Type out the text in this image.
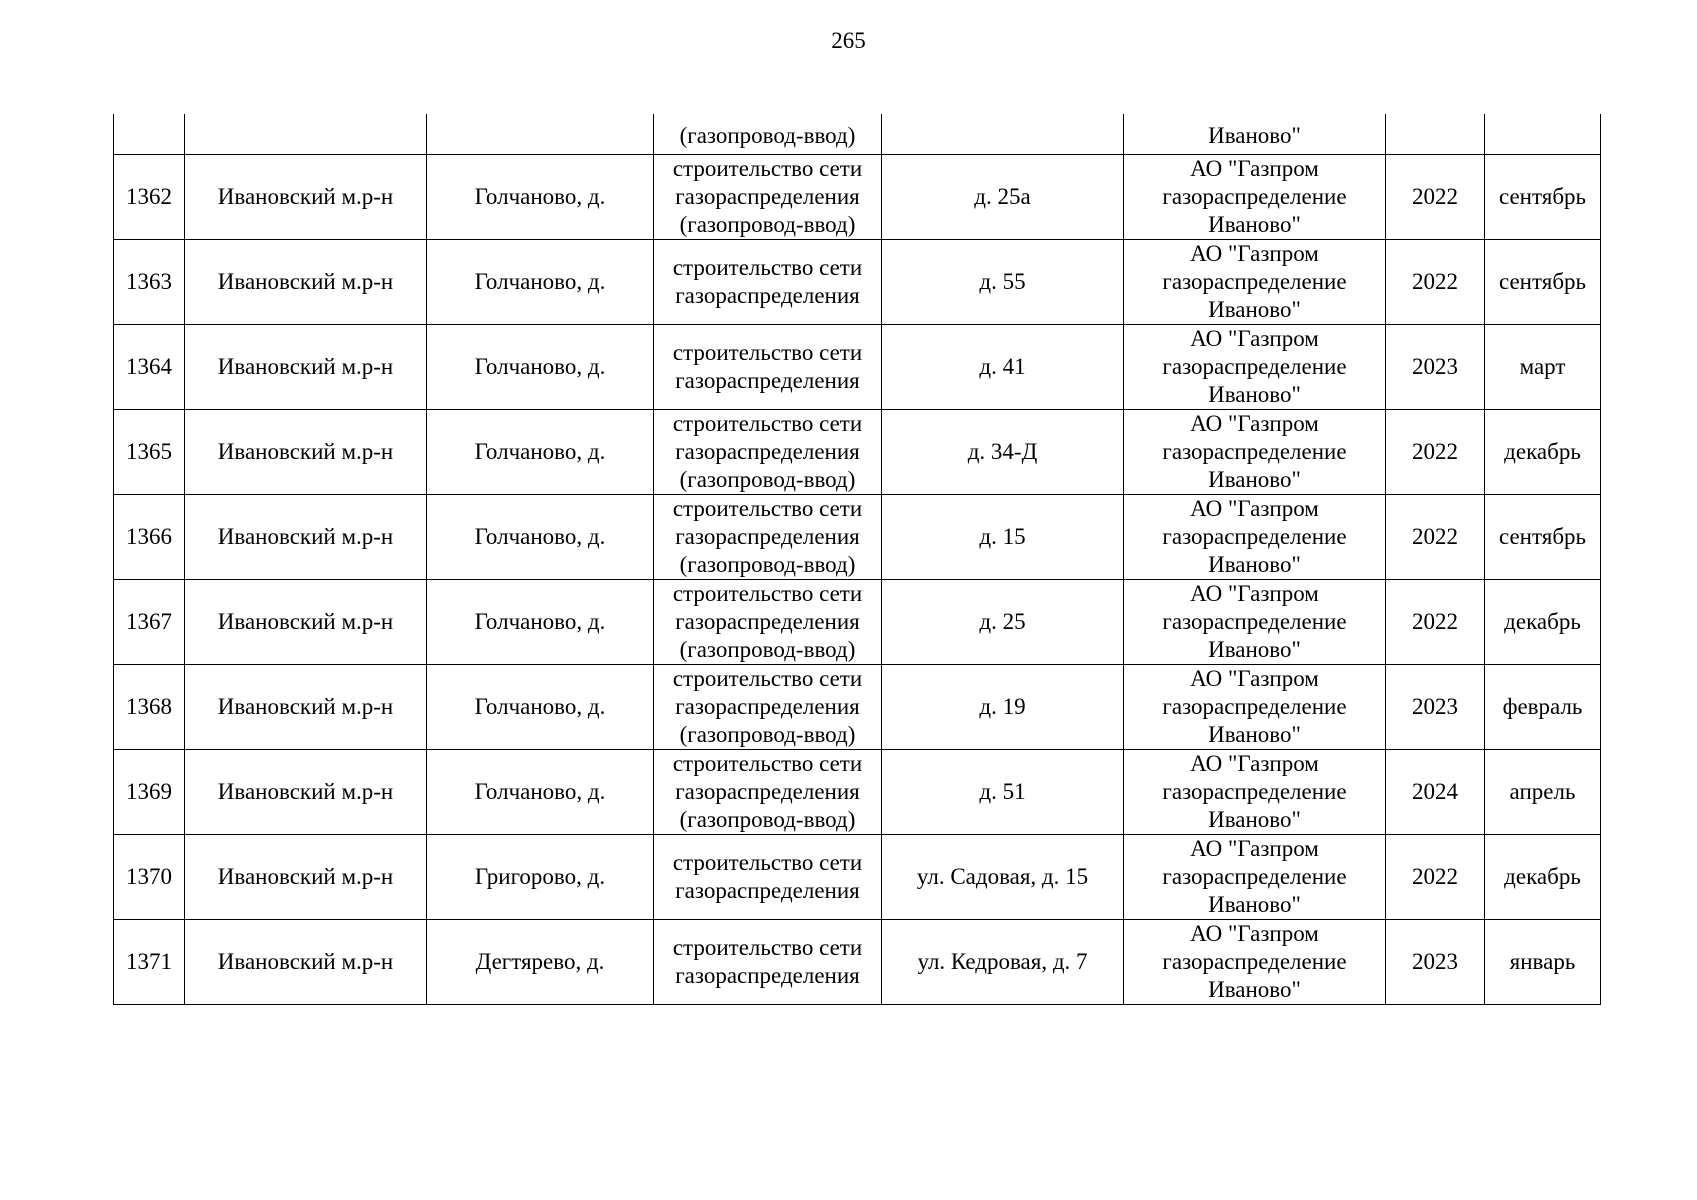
265
			(газопровод-ввод)		Иваново"		
1362	Ивановский м.р-н	Голчаново, д.	строительство сети
газораспределения
(газопровод-ввод)	д. 25а	АО "Газпром
газораспределение
Иваново"	2022	сентябрь
1363	Ивановский м.р-н	Голчаново, д.	строительство сети
газораспределения	д. 55	АО "Газпром
газораспределение
Иваново"	2022	сентябрь
1364	Ивановский м.р-н	Голчаново, д.	строительство сети
газораспределения	д. 41	АО "Газпром
газораспределение
Иваново"	2023	март
1365	Ивановский м.р-н	Голчаново, д.	строительство сети
газораспределения
(газопровод-ввод)	д. 34-Д	АО "Газпром
газораспределение
Иваново"	2022	декабрь
1366	Ивановский м.р-н	Голчаново, д.	строительство сети
газораспределения
(газопровод-ввод)	д. 15	АО "Газпром
газораспределение
Иваново"	2022	сентябрь
1367	Ивановский м.р-н	Голчаново, д.	строительство сети
газораспределения
(газопровод-ввод)	д. 25	АО "Газпром
газораспределение
Иваново"	2022	декабрь
1368	Ивановский м.р-н	Голчаново, д.	строительство сети
газораспределения
(газопровод-ввод)	д. 19	АО "Газпром
газораспределение
Иваново"	2023	февраль
1369	Ивановский м.р-н	Голчаново, д.	строительство сети
газораспределения
(газопровод-ввод)	д. 51	АО "Газпром
газораспределение
Иваново"	2024	апрель
1370	Ивановский м.р-н	Григорово, д.	строительство сети
газораспределения	ул. Садовая, д. 15	АО "Газпром
газораспределение
Иваново"	2022	декабрь
1371	Ивановский м.р-н	Дегтярево, д.	строительство сети
газораспределения	ул. Кедровая, д. 7	АО "Газпром
газораспределение
Иваново"	2023	январь
